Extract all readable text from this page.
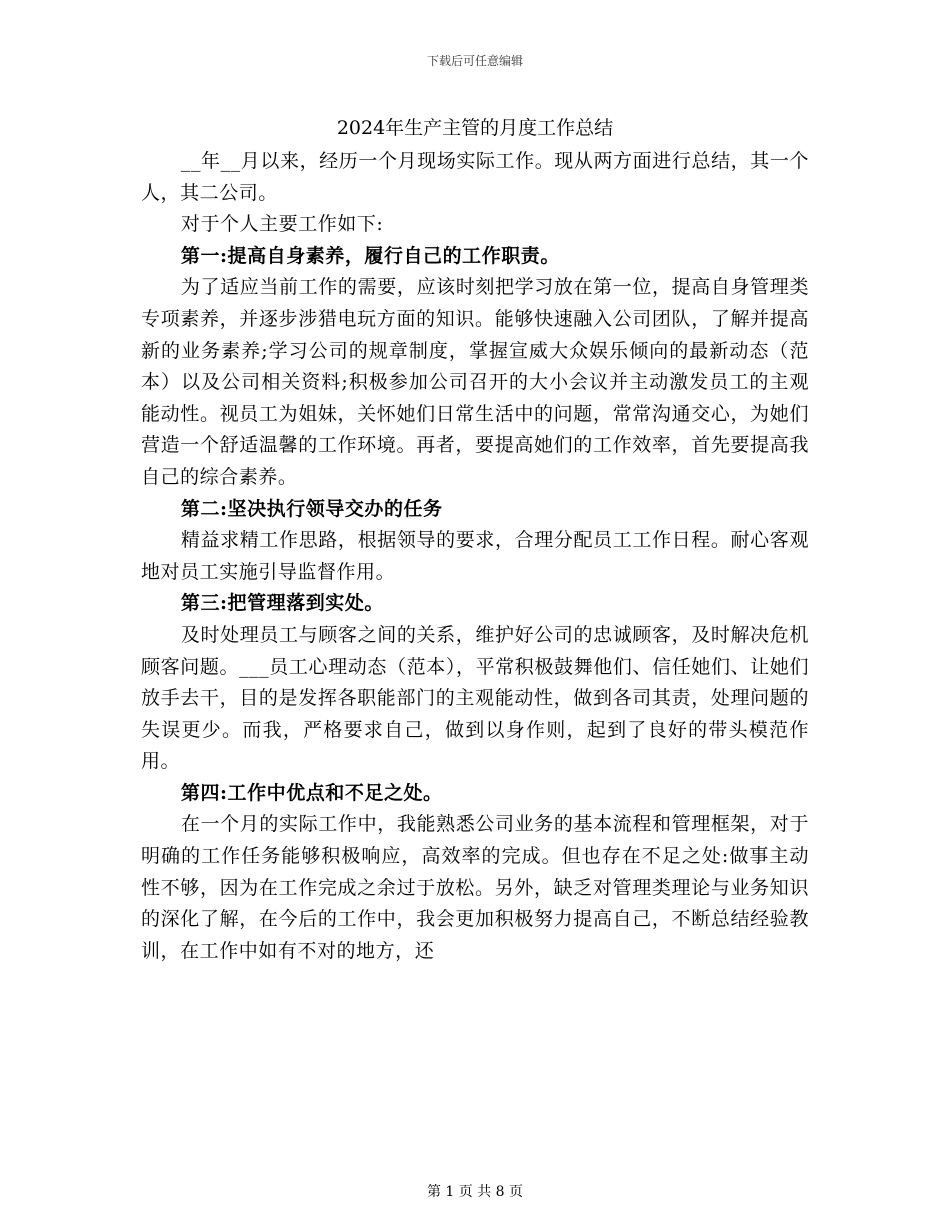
下载后可任意编辑
2024年生产主管的月度工作总结

__年__月以来，经历一个月现场实际工作。现从两方面进行总结，其一个人，其二公司。

对于个人主要工作如下:

第一:提高自身素养，履行自己的工作职责。

为了适应当前工作的需要，应该时刻把学习放在第一位，提高自身管理类专项素养，并逐步涉猎电玩方面的知识。能够快速融入公司团队，了解并提高新的业务素养;学习公司的规章制度，掌握宣威大众娱乐倾向的最新动态（范本）以及公司相关资料;积极参加公司召开的大小会议并主动激发员工的主观能动性。视员工为姐妹，关怀她们日常生活中的问题，常常沟通交心，为她们营造一个舒适温馨的工作环境。再者，要提高她们的工作效率，首先要提高我自己的综合素养。

第二:坚决执行领导交办的任务

精益求精工作思路，根据领导的要求，合理分配员工工作日程。耐心客观地对员工实施引导监督作用。

第三:把管理落到实处。

及时处理员工与顾客之间的关系，维护好公司的忠诚顾客，及时解决危机顾客问题。___员工心理动态（范本），平常积极鼓舞他们、信任她们、让她们放手去干，目的是发挥各职能部门的主观能动性，做到各司其责，处理问题的失误更少。而我，严格要求自己，做到以身作则，起到了良好的带头模范作用。

第四:工作中优点和不足之处。

在一个月的实际工作中，我能熟悉公司业务的基本流程和管理框架，对于明确的工作任务能够积极响应，高效率的完成。但也存在不足之处:做事主动性不够，因为在工作完成之余过于放松。另外，缺乏对管理类理论与业务知识的深化了解，在今后的工作中，我会更加积极努力提高自己，不断总结经验教训，在工作中如有不对的地方，还

第 1 页 共 8 页
